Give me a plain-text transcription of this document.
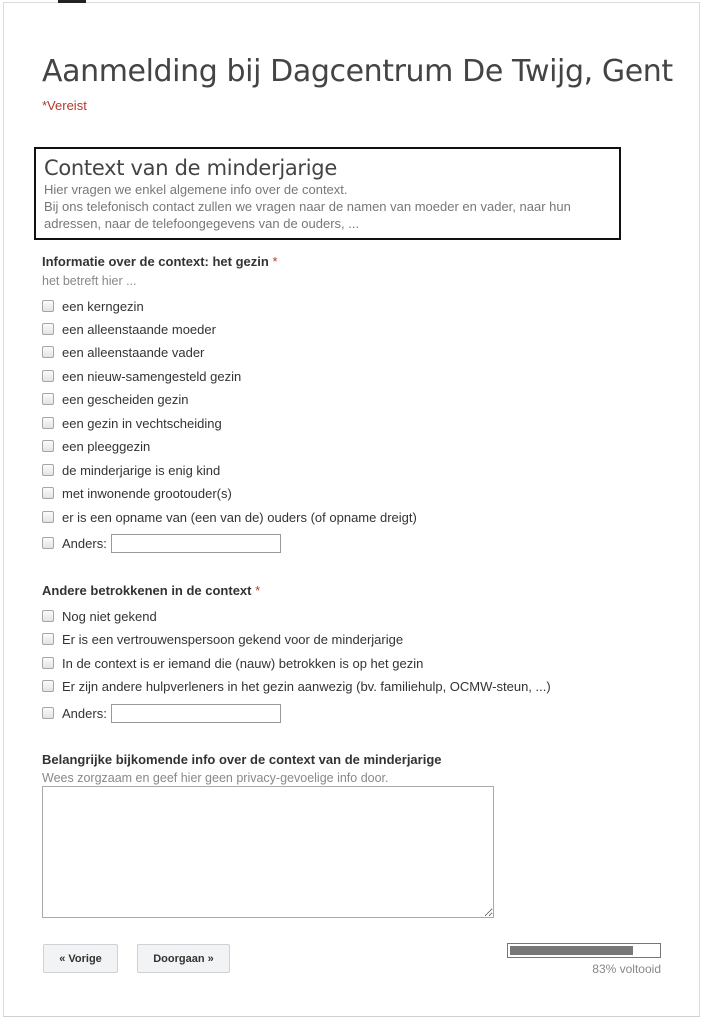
Aanmelding bij Dagcentrum De Twijg, Gent
*Vereist
Context van de minderjarige
Hier vragen we enkel algemene info over de context.
Bij ons telefonisch contact zullen we vragen naar de namen van moeder en vader, naar hun adressen, naar de telefoongegevens van de ouders, ...
Informatie over de context: het gezin *
het betreft hier ...
een kerngezin
een alleenstaande moeder
een alleenstaande vader
een nieuw-samengesteld gezin
een gescheiden gezin
een gezin in vechtscheiding
een pleeggezin
de minderjarige is enig kind
met inwonende grootouder(s)
er is een opname van (een van de) ouders (of opname dreigt)
Anders:
Andere betrokkenen in de context *
Nog niet gekend
Er is een vertrouwenspersoon gekend voor de minderjarige
In de context is er iemand die (nauw) betrokken is op het gezin
Er zijn andere hulpverleners in het gezin aanwezig (bv. familiehulp, OCMW-steun, ...)
Anders:
Belangrijke bijkomende info over de context van de minderjarige
Wees zorgzaam en geef hier geen privacy-gevoelige info door.
« Vorige	Doorgaan »
83% voltooid
